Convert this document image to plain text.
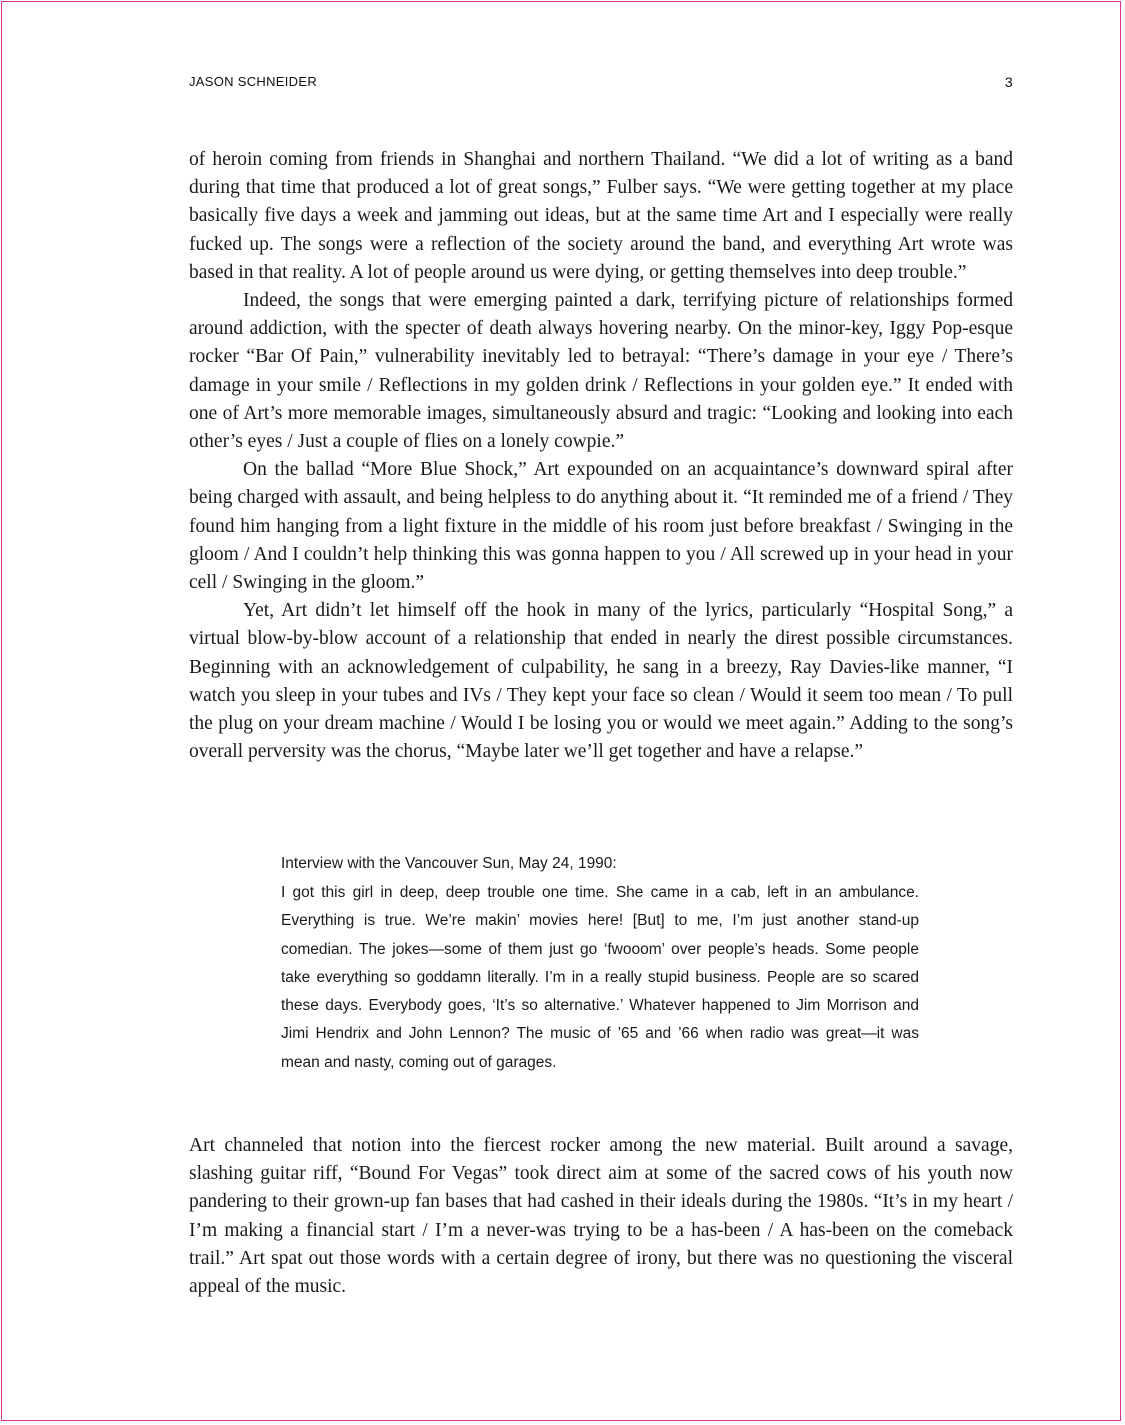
JASON SCHNEIDER	3

of heroin coming from friends in Shanghai and northern Thailand. “We did a lot of writing as a band during that time that produced a lot of great songs,” Fulber says. “We were getting together at my place basically five days a week and jamming out ideas, but at the same time Art and I especially were really fucked up. The songs were a reflection of the society around the band, and everything Art wrote was based in that reality. A lot of people around us were dying, or getting themselves into deep trouble.”

Indeed, the songs that were emerging painted a dark, terrifying picture of relationships formed around addiction, with the specter of death always hovering nearby. On the minor-key, Iggy Pop-esque rocker “Bar Of Pain,” vulnerability inevitably led to betrayal: “There’s damage in your eye / There’s damage in your smile / Reflections in my golden drink / Reflections in your golden eye.” It ended with one of Art’s more memorable images, simultaneously absurd and tragic: “Looking and looking into each other’s eyes / Just a couple of flies on a lonely cowpie.”

On the ballad “More Blue Shock,” Art expounded on an acquaintance’s downward spiral after being charged with assault, and being helpless to do anything about it. “It reminded me of a friend / They found him hanging from a light fixture in the middle of his room just before breakfast / Swinging in the gloom / And I couldn’t help thinking this was gonna happen to you / All screwed up in your head in your cell / Swinging in the gloom.”

Yet, Art didn’t let himself off the hook in many of the lyrics, particularly “Hospital Song,” a virtual blow-by-blow account of a relationship that ended in nearly the direst possible circumstances. Beginning with an acknowledgement of culpability, he sang in a breezy, Ray Davies-like manner, “I watch you sleep in your tubes and IVs / They kept your face so clean / Would it seem too mean / To pull the plug on your dream machine / Would I be losing you or would we meet again.” Adding to the song’s overall perversity was the chorus, “Maybe later we’ll get together and have a relapse.”

Interview with the Vancouver Sun, May 24, 1990:

I got this girl in deep, deep trouble one time. She came in a cab, left in an ambulance. Everything is true. We’re makin’ movies here! [But] to me, I’m just another stand-up comedian. The jokes—some of them just go ‘fwooom’ over people’s heads. Some people take everything so goddamn literally. I’m in a really stupid business. People are so scared these days. Everybody goes, ‘It’s so alternative.’ Whatever happened to Jim Morrison and Jimi Hendrix and John Lennon? The music of ’65 and ’66 when radio was great—it was mean and nasty, coming out of garages.

Art channeled that notion into the fiercest rocker among the new material. Built around a savage, slashing guitar riff, “Bound For Vegas” took direct aim at some of the sacred cows of his youth now pandering to their grown-up fan bases that had cashed in their ideals during the 1980s. “It’s in my heart / I’m making a financial start / I’m a never-was trying to be a has-been / A has-been on the comeback trail.” Art spat out those words with a certain degree of irony, but there was no questioning the visceral appeal of the music.
